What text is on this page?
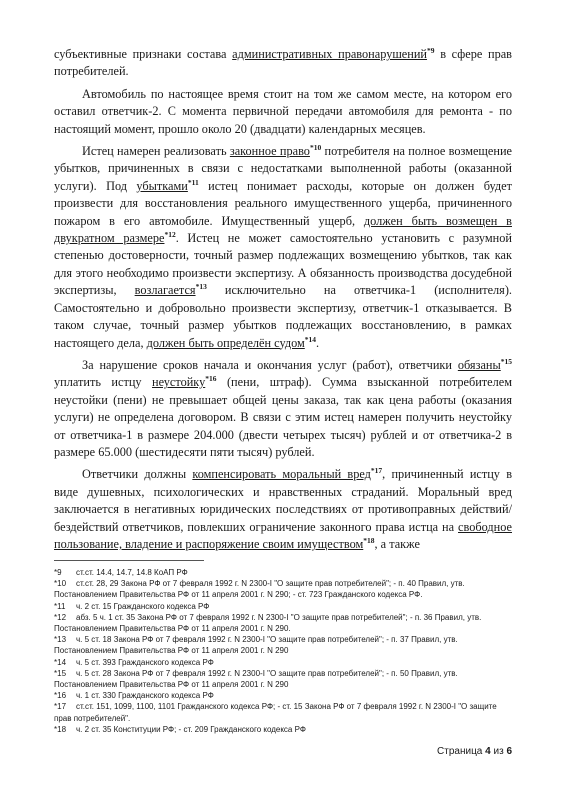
субъективные признаки состава административных правонарушений$^{*9}$ в сфере прав потребителей.

Автомобиль по настоящее время стоит на том же самом месте, на котором его оставил ответчик-2. С момента первичной передачи автомобиля для ремонта - по настоящий момент, прошло около 20 (двадцати) календарных месяцев.

Истец намерен реализовать законное право$^{*10}$ потребителя на полное возмещение убытков, причиненных в связи с недостатками выполненной работы (оказанной услуги). Под убытками$^{*11}$ истец понимает расходы, которые он должен будет произвести для восстановления реального имущественного ущерба, причиненного пожаром в его автомобиле. Имущественный ущерб, должен быть возмещен в двукратном размере$^{*12}$. Истец не может самостоятельно установить с разумной степенью достоверности, точный размер подлежащих возмещению убытков, так как для этого необходимо произвести экспертизу. А обязанность производства досудебной экспертизы, возлагается$^{*13}$ исключительно на ответчика-1 (исполнителя). Самостоятельно и добровольно произвести экспертизу, ответчик-1 отказывается. В таком случае, точный размер убытков подлежащих восстановлению, в рамках настоящего дела, должен быть определён судом$^{*14}$.

За нарушение сроков начала и окончания услуг (работ), ответчики обязаны$^{*15}$ уплатить истцу неустойку$^{*16}$ (пени, штраф). Сумма взысканной потребителем неустойки (пени) не превышает общей цены заказа, так как цена работы (оказания услуги) не определена договором. В связи с этим истец намерен получить неустойку от ответчика-1 в размере 204.000 (двести четырех тысяч) рублей и от ответчика-2 в размере 65.000 (шестидесяти пяти тысяч) рублей.

Ответчики должны компенсировать моральный вред$^{*17}$, причиненный истцу в виде душевных, психологических и нравственных страданий. Моральный вред заключается в негативных юридических последствиях от противоправных действий/бездействий ответчиков, повлекших ограничение законного права истца на свободное пользование, владение и распоряжение своим имуществом$^{*18}$, а также

*9 ст.ст. 14.4, 14.7, 14.8 КоАП РФ

*10 ст.ст. 28, 29 Закона РФ от 7 февраля 1992 г. N 2300-I "О защите прав потребителей"; - п. 40 Правил, утв. Постановлением Правительства РФ от 11 апреля 2001 г. N 290; - ст. 723 Гражданского кодекса РФ.

*11 ч. 2 ст. 15 Гражданского кодекса РФ

*12 абз. 5 ч. 1 ст. 35 Закона РФ от 7 февраля 1992 г. N 2300-I "О защите прав потребителей"; - п. 36 Правил, утв. Постановлением Правительства РФ от 11 апреля 2001 г. N 290.

*13 ч. 5 ст. 18 Закона РФ от 7 февраля 1992 г. N 2300-I "О защите прав потребителей"; - п. 37 Правил, утв. Постановлением Правительства РФ от 11 апреля 2001 г. N 290

*14 ч. 5 ст. 393 Гражданского кодекса РФ

*15 ч. 5 ст. 28 Закона РФ от 7 февраля 1992 г. N 2300-I "О защите прав потребителей"; - п. 50 Правил, утв. Постановлением Правительства РФ от 11 апреля 2001 г. N 290

*16 ч. 1 ст. 330 Гражданского кодекса РФ

*17 ст.ст. 151, 1099, 1100, 1101 Гражданского кодекса РФ; - ст. 15 Закона РФ от 7 февраля 1992 г. N 2300-I "О защите прав потребителей".

*18 ч. 2 ст. 35 Конституции РФ; - ст. 209 Гражданского кодекса РФ

Страница 4 из 6
